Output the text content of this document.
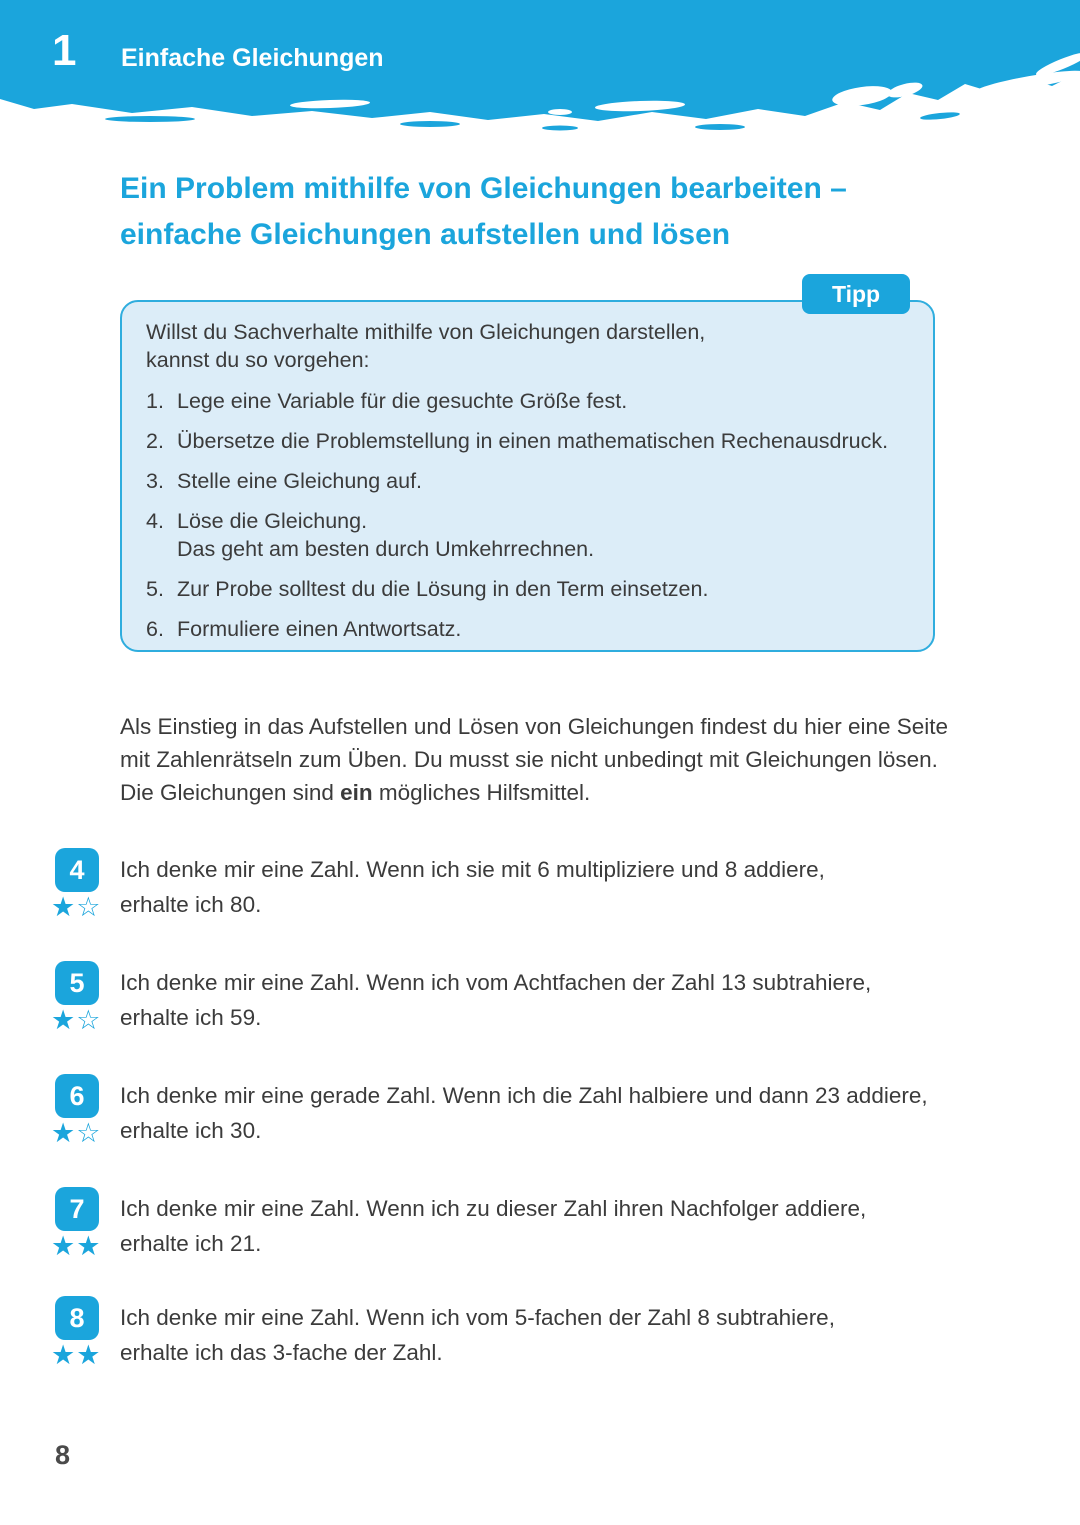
1 Einfache Gleichungen
Ein Problem mithilfe von Gleichungen bearbeiten –
einfache Gleichungen aufstellen und lösen
Tipp

Willst du Sachverhalte mithilfe von Gleichungen darstellen,
kannst du so vorgehen:

1. Lege eine Variable für die gesuchte Größe fest.
2. Übersetze die Problemstellung in einen mathematischen Rechenausdruck.
3. Stelle eine Gleichung auf.
4. Löse die Gleichung.
Das geht am besten durch Umkehrrechnen.
5. Zur Probe solltest du die Lösung in den Term einsetzen.
6. Formuliere einen Antwortsatz.

Als Einstieg in das Aufstellen und Lösen von Gleichungen findest du hier eine Seite
mit Zahlenrätseln zum Üben. Du musst sie nicht unbedingt mit Gleichungen lösen.
Die Gleichungen sind ein mögliches Hilfsmittel.

4
★☆
Ich denke mir eine Zahl. Wenn ich sie mit 6 multipliziere und 8 addiere,
erhalte ich 80.
5
★☆
Ich denke mir eine Zahl. Wenn ich vom Achtfachen der Zahl 13 subtrahiere,
erhalte ich 59.
6
★☆
Ich denke mir eine gerade Zahl. Wenn ich die Zahl halbiere und dann 23 addiere,
erhalte ich 30.
7
★★
Ich denke mir eine Zahl. Wenn ich zu dieser Zahl ihren Nachfolger addiere,
erhalte ich 21.
8
★★
Ich denke mir eine Zahl. Wenn ich vom 5-fachen der Zahl 8 subtrahiere,
erhalte ich das 3-fache der Zahl.
8
